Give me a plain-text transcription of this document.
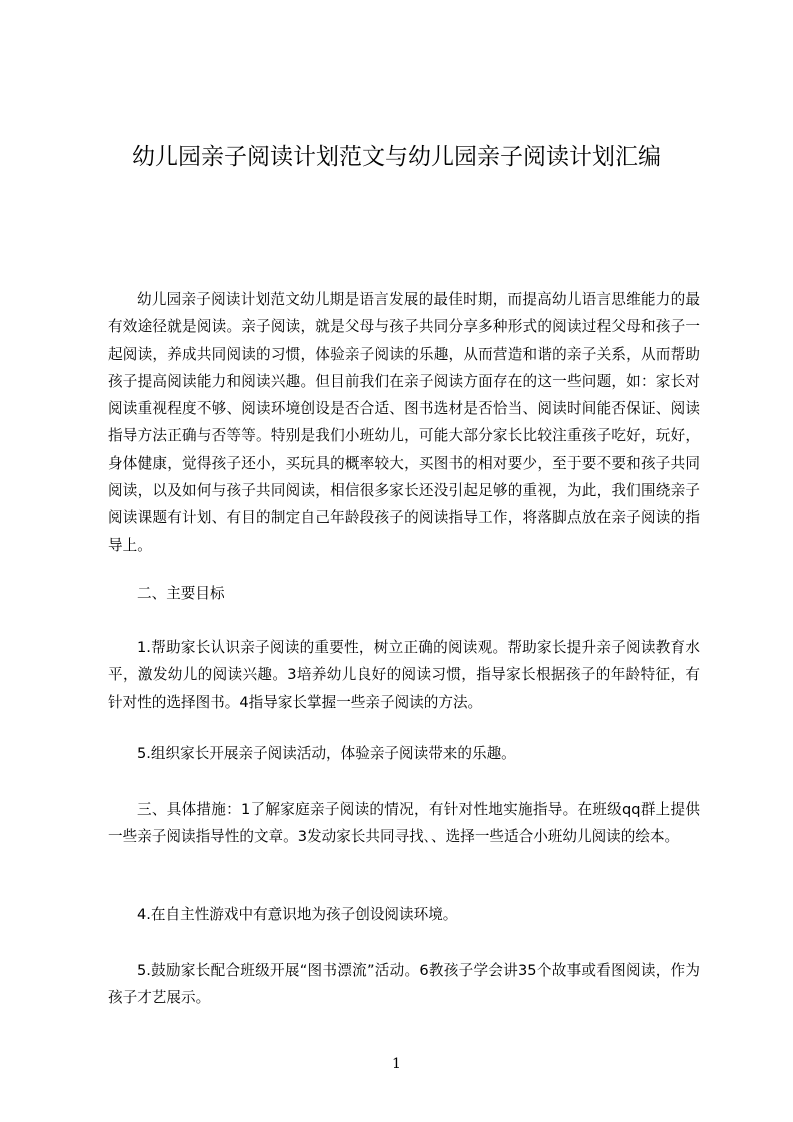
幼儿园亲子阅读计划范文与幼儿园亲子阅读计划汇编

幼儿园亲子阅读计划范文幼儿期是语言发展的最佳时期，而提高幼儿语言思维能力的最有效途径就是阅读。亲子阅读，就是父母与孩子共同分享多种形式的阅读过程父母和孩子一起阅读，养成共同阅读的习惯，体验亲子阅读的乐趣，从而营造和谐的亲子关系，从而帮助孩子提高阅读能力和阅读兴趣。但目前我们在亲子阅读方面存在的这一些问题，如：家长对阅读重视程度不够、阅读环境创设是否合适、图书选材是否恰当、阅读时间能否保证、阅读指导方法正确与否等等。特别是我们小班幼儿，可能大部分家长比较注重孩子吃好，玩好，身体健康，觉得孩子还小，买玩具的概率较大，买图书的相对要少，至于要不要和孩子共同阅读，以及如何与孩子共同阅读，相信很多家长还没引起足够的重视，为此，我们围绕亲子阅读课题有计划、有目的制定自己年龄段孩子的阅读指导工作，将落脚点放在亲子阅读的指导上。

二、主要目标

1.帮助家长认识亲子阅读的重要性，树立正确的阅读观。帮助家长提升亲子阅读教育水平，激发幼儿的阅读兴趣。3培养幼儿良好的阅读习惯，指导家长根据孩子的年龄特征，有针对性的选择图书。4指导家长掌握一些亲子阅读的方法。

5.组织家长开展亲子阅读活动，体验亲子阅读带来的乐趣。

三、具体措施：1了解家庭亲子阅读的情况，有针对性地实施指导。在班级qq群上提供一些亲子阅读指导性的文章。3发动家长共同寻找､、选择一些适合小班幼儿阅读的绘本。

4.在自主性游戏中有意识地为孩子创设阅读环境。

5.鼓励家长配合班级开展“图书漂流”活动。6教孩子学会讲35个故事或看图阅读，作为孩子才艺展示。

1
